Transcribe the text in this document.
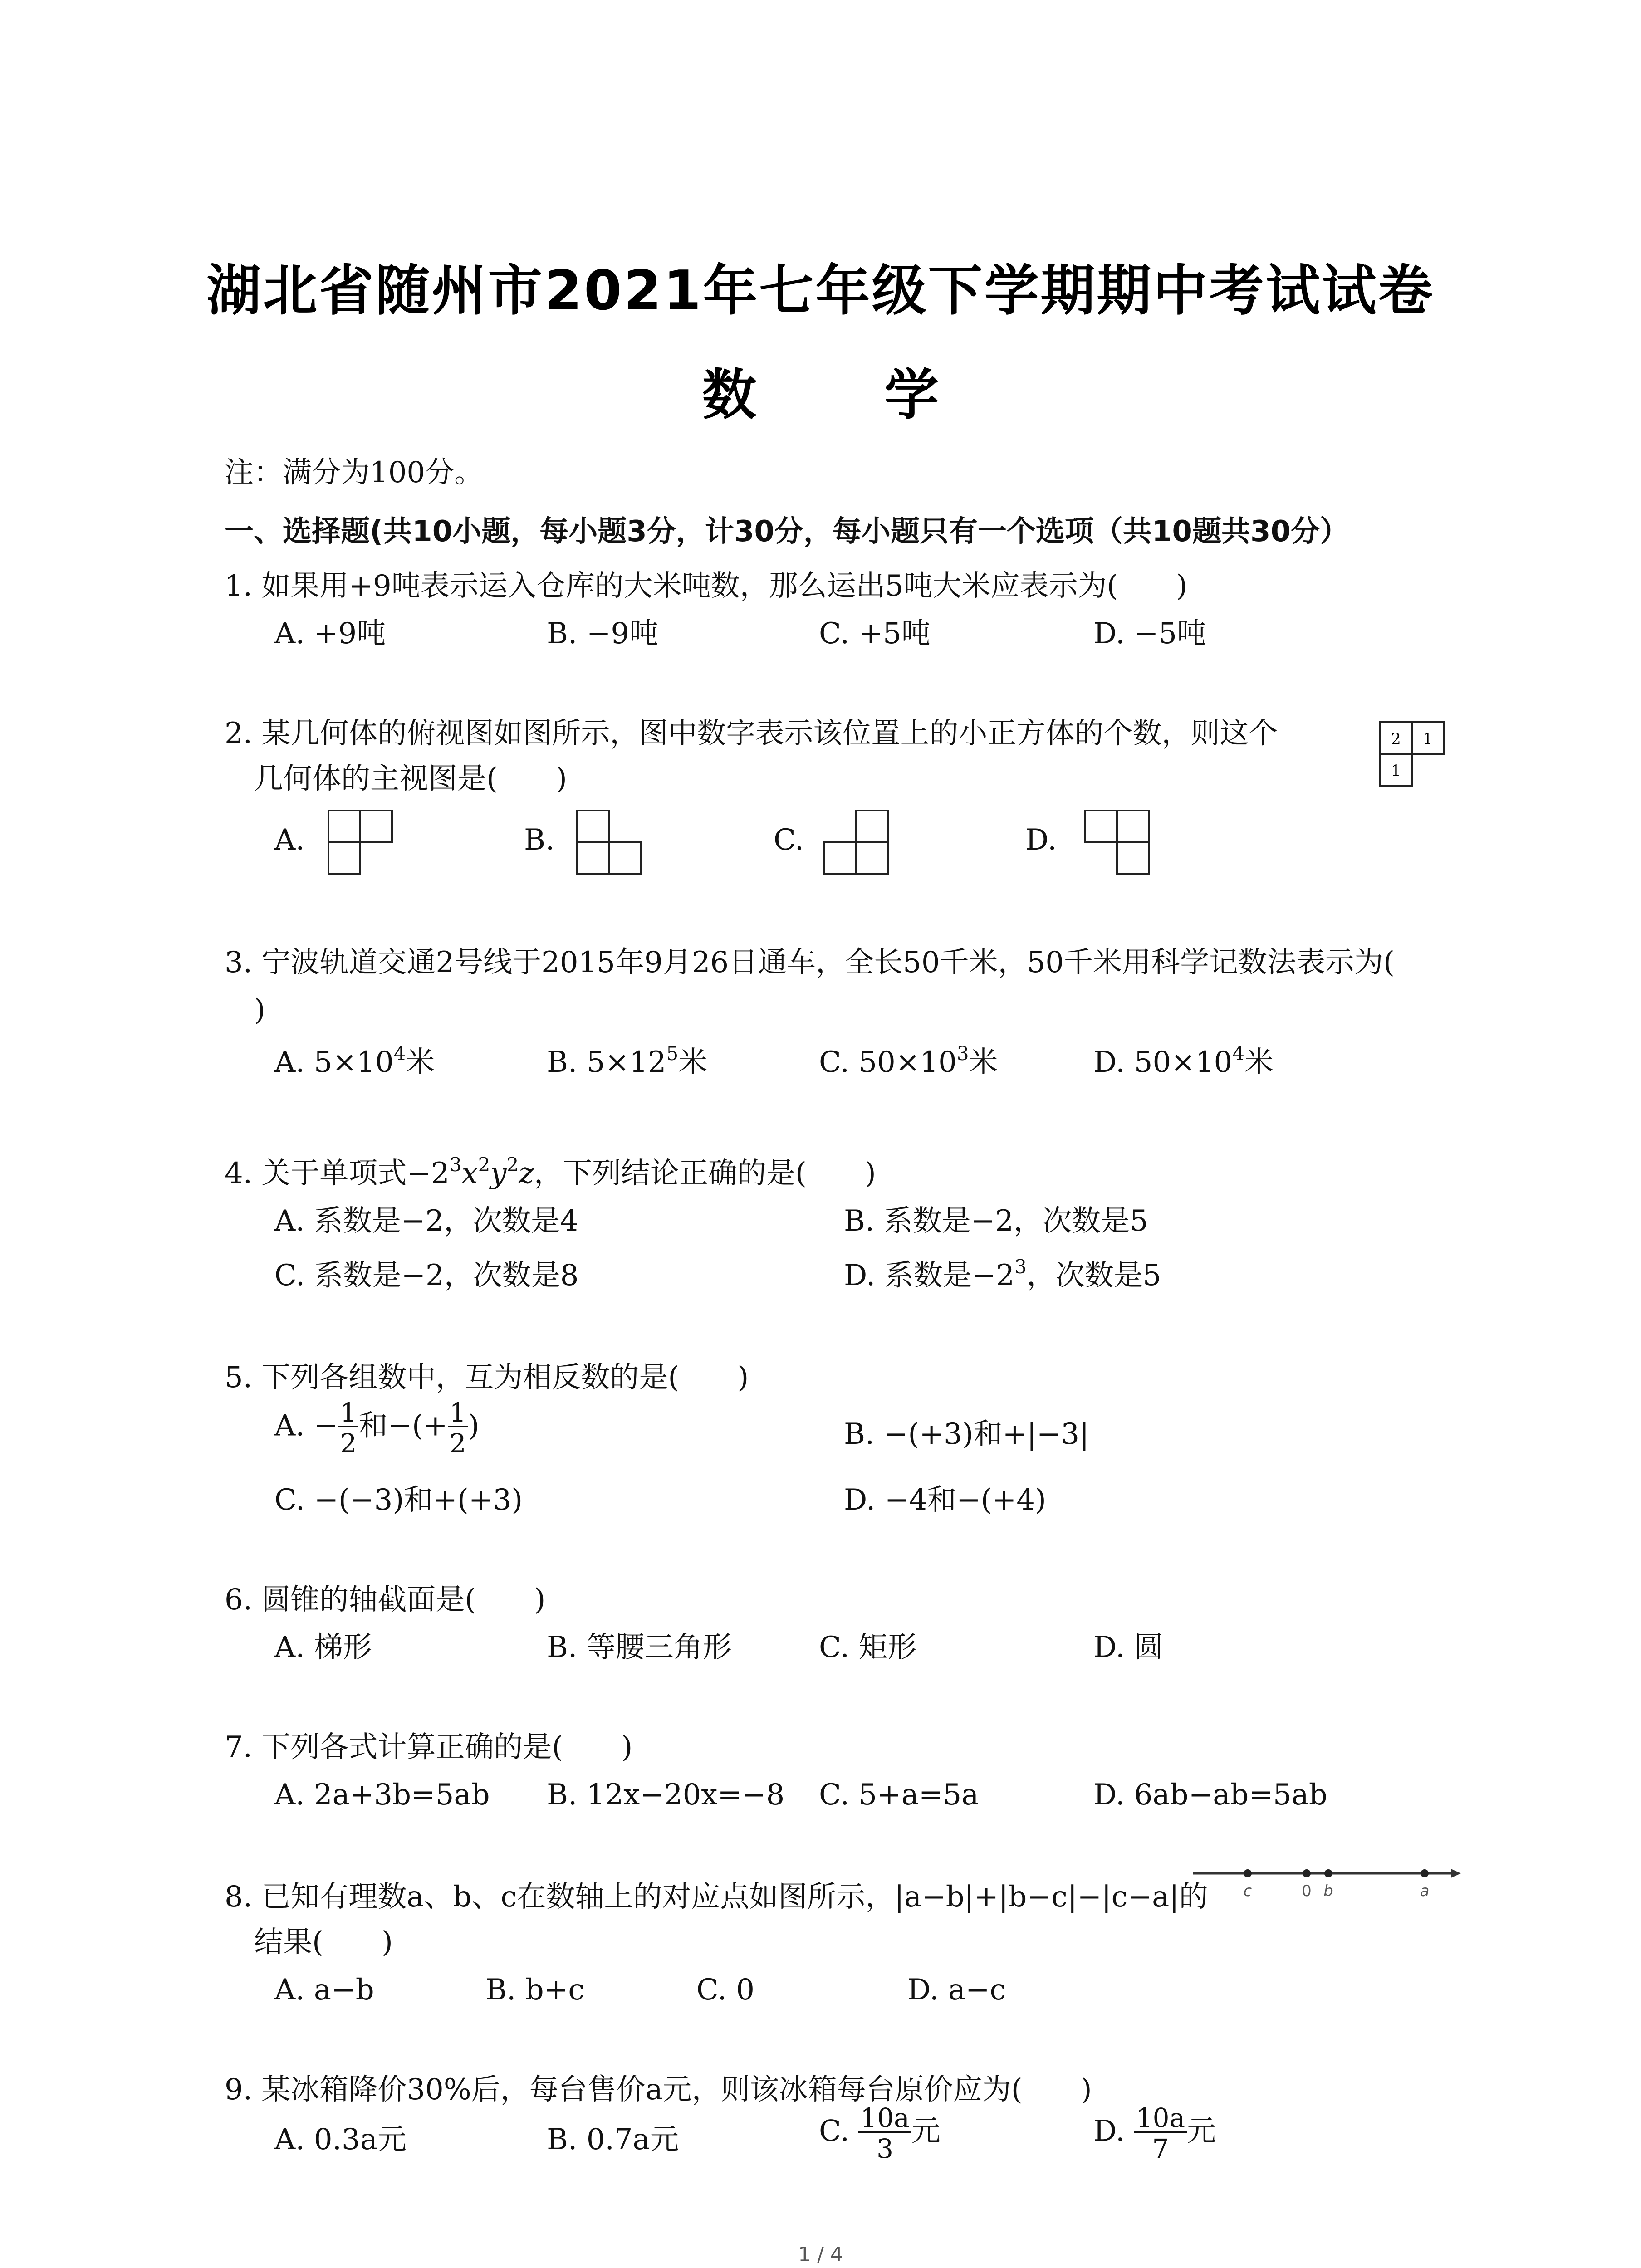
湖北省随州市2021年七年级下学期期中考试试卷
数 学
注：满分为100分。
一、选择题(共10小题，每小题3分，计30分，每小题只有一个选项（共10题共30分）
1. 如果用+9吨表示运入仓库的大米吨数，那么运出5吨大米应表示为(　　)
A. +9吨	B. −9吨	C. +5吨	D. −5吨
2. 某几何体的俯视图如图所示，图中数字表示该位置上的小正方体的个数，则这个
几何体的主视图是(　　)
2 1
1
A.	B.	C.	D.
3. 宁波轨道交通2号线于2015年9月26日通车，全长50千米，50千米用科学记数法表示为(
)
A. $5\times 10^4$米	B. $5\times 12^5$米	C. $50\times 10^3$米	D. $50\times 10^4$米
4. 关于单项式$-2^3x^2y^2z$，下列结论正确的是(　　)
A. 系数是−2，次数是4	B. 系数是−2，次数是5
C. 系数是−2，次数是8	D. 系数是$-2^3$，次数是5
5. 下列各组数中，互为相反数的是(　　)
A. − $\frac{1}{2}$ 和−(+ $\frac{1}{2}$ )	B. −(+3)和+|−3|
C. −(−3)和+(+3)	D. −4和−(+4)
6. 圆锥的轴截面是(　　)
A. 梯形	B. 等腰三角形	C. 矩形	D. 圆
7. 下列各式计算正确的是(　　)
A. 2a+3b=5ab B. 12x−20x=−8 C. 5+a=5a	D. 6ab−ab=5ab
8. 已知有理数a、b、c在数轴上的对应点如图所示，|a−b|+|b−c|−|c−a|的
结果(　　)
c	0 b	a
A. a−b	B. b+c	C. 0	D. a−c
9. 某冰箱降价30%后，每台售价a元，则该冰箱每台原价应为(　　)
A. 0.3a元	B. 0.7a元	C. $\frac{10a}{3}$ 元	D. $\frac{10a}{7}$ 元
1 / 4
